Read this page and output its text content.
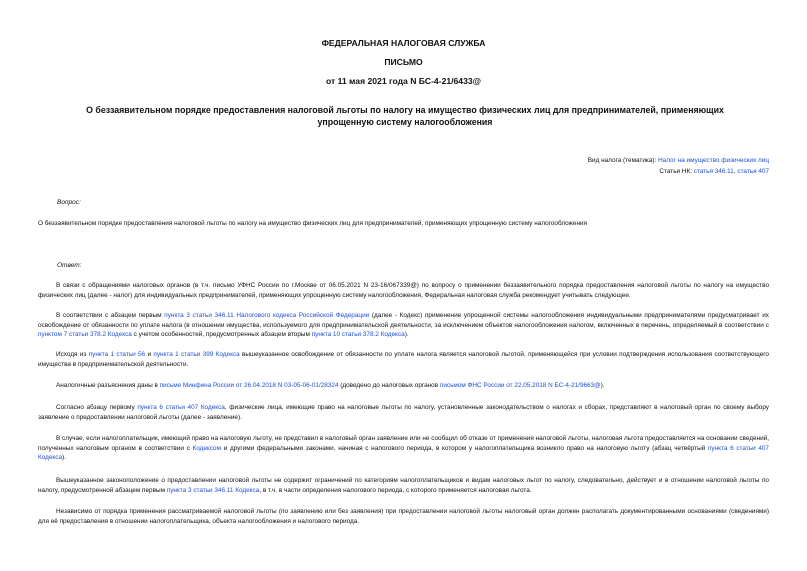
ФЕДЕРАЛЬНАЯ НАЛОГОВАЯ СЛУЖБА
ПИСЬМО
от 11 мая 2021 года N БС-4-21/6433@
О беззаявительном порядке предоставления налоговой льготы по налогу на имущество физических лиц для предпринимателей, применяющих упрощенную систему налогообложения
Вид налога (тематика): Налог на имущество физических лиц
Статьи НК: статья 346.11, статья 407
Вопрос:
О беззаявительном порядке предоставления налоговой льготы по налогу на имущество физических лиц для предпринимателей, применяющих упрощенную систему налогообложения
Ответ:
В связи с обращениями налоговых органов (в т.ч. письмо УФНС России по г.Москве от 06.05.2021 N 23-16/067339@) по вопросу о применении беззаявительного порядка предоставления налоговой льготы по налогу на имущество физических лиц (далее - налог) для индивидуальных предпринимателей, применяющих упрощенную систему налогообложения, Федеральная налоговая служба рекомендует учитывать следующее.
В соответствии с абзацем первым пункта 3 статьи 346.11 Налогового кодекса Российской Федерации (далее - Кодекс) применение упрощенной системы налогообложения индивидуальными предпринимателями предусматривает их освобождение от обязанности по уплате налога (в отношении имущества, используемого для предпринимательской деятельности, за исключением объектов налогообложения налогом, включенных в перечень, определяемый в соответствии с пунктом 7 статьи 378.2 Кодекса с учетом особенностей, предусмотренных абзацем вторым пункта 10 статьи 378.2 Кодекса).
Исходя из пункта 1 статьи 56 и пункта 1 статьи 399 Кодекса вышеуказанное освобождение от обязанности по уплате налога является налоговой льготой, применяющейся при условии подтверждения использования соответствующего имущества в предпринимательской деятельности.
Аналогичные разъяснения даны в письме Минфина России от 26.04.2018 N 03-05-06-01/28324 (доведено до налоговых органов письмом ФНС России от 22.05.2018 N БС-4-21/9663@).
Согласно абзацу первому пункта 6 статьи 407 Кодекса, физические лица, имеющие право на налоговые льготы по налогу, установленные законодательством о налогах и сборах, представляют в налоговый орган по своему выбору заявление о предоставлении налоговой льготы (далее - заявление).
В случае, если налогоплательщик, имеющий право на налоговую льготу, не представил в налоговый орган заявление или не сообщил об отказе от применения налоговой льготы, налоговая льгота предоставляется на основании сведений, полученных налоговым органом в соответствии с Кодексом и другими федеральными законами, начиная с налогового периода, в котором у налогоплательщика возникло право на налоговую льготу (абзац четвёртый пункта 6 статьи 407 Кодекса).
Вышеуказанное законоположение о предоставлении налоговой льготы не содержит ограничений по категориям налогоплательщиков и видам налоговых льгот по налогу, следовательно, действует и в отношении налоговой льготы по налогу, предусмотренной абзацем первым пункта 3 статьи 346.11 Кодекса, в т.ч. в части определения налогового периода, с которого применяется налоговая льгота.
Независимо от порядка применения рассматриваемой налоговой льготы (по заявлению или без заявления) при предоставлении налоговой льготы налоговый орган должен располагать документированными основаниями (сведениями) для её предоставления в отношении налогоплательщика, объекта налогообложения и налогового периода.
